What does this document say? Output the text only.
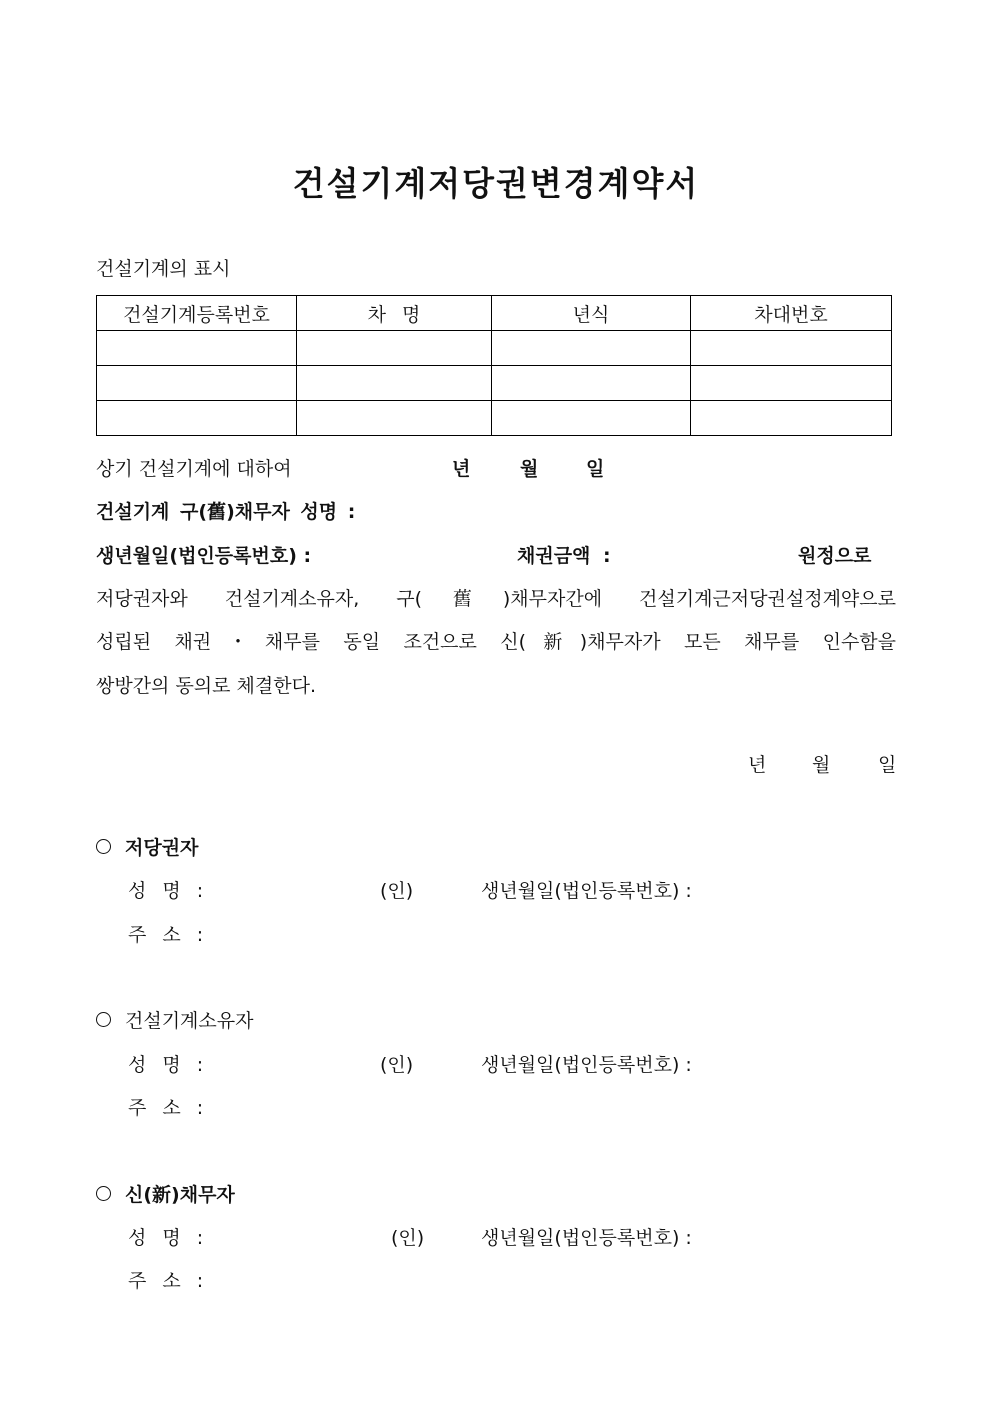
건설기계저당권변경계약서
건설기계의 표시
건설기계등록번호	차 명	년식	차대번호

상기 건설기계에 대하여	년	월	일
건설기계 구(舊)채무자 성명 :
생년월일(법인등록번호) :	채권금액 :	원정으로
저당권자와 건설기계소유자, 구(舊)채무자간에 건설기계근저당권설정계약으로
성립된 채권・채무를 동일 조건으로 신(新)채무자가 모든 채무를 인수함을
쌍방간의 동의로 체결한다.
년 월	일
저당권자
성 명 :	(인)	생년월일(법인등록번호) :
주 소 :
건설기계소유자
성 명 :	(인)	생년월일(법인등록번호) :
주 소 :
신(新)채무자
성 명 :	(인)	생년월일(법인등록번호) :
주 소 :
